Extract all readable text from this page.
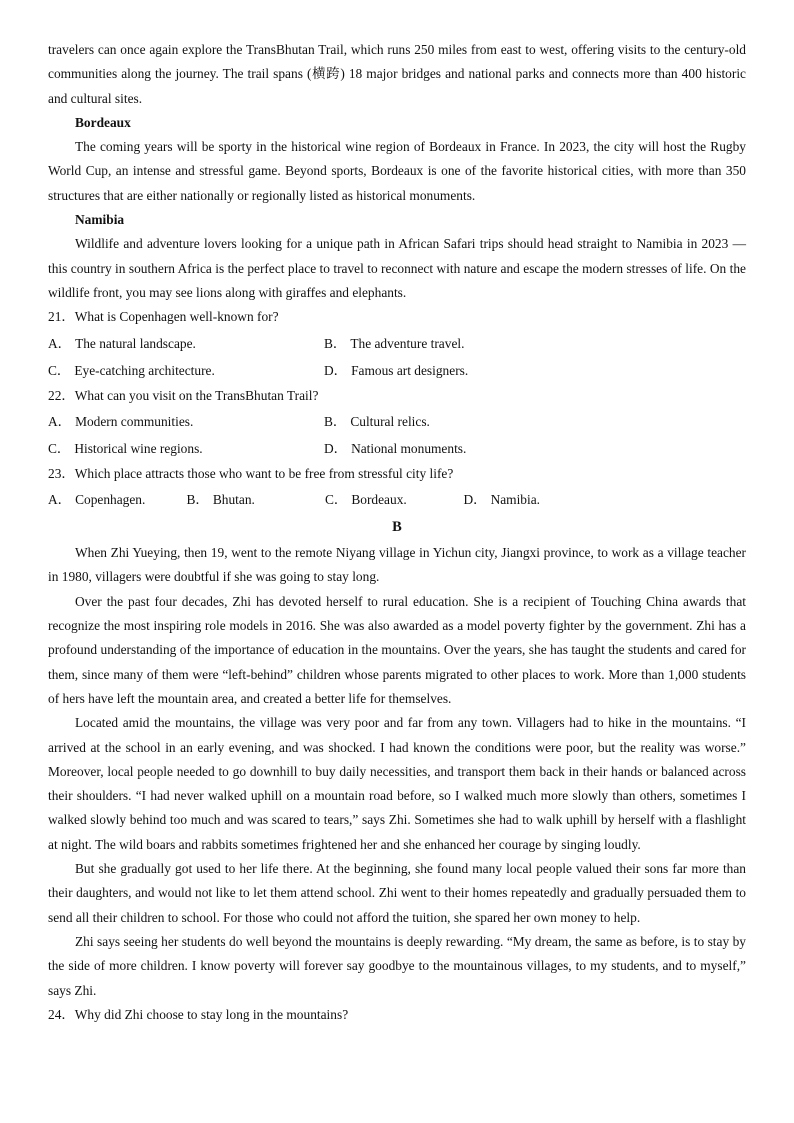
travelers can once again explore the TransBhutan Trail, which runs 250 miles from east to west, offering visits to the century-old communities along the journey. The trail spans (横跨) 18 major bridges and national parks and connects more than 400 historic and cultural sites.

Bordeaux

The coming years will be sporty in the historical wine region of Bordeaux in France. In 2023, the city will host the Rugby World Cup, an intense and stressful game. Beyond sports, Bordeaux is one of the favorite historical cities, with more than 350 structures that are either nationally or regionally listed as historical monuments.

Namibia

Wildlife and adventure lovers looking for a unique path in African Safari trips should head straight to Namibia in 2023 — this country in southern Africa is the perfect place to travel to reconnect with nature and escape the modern stresses of life. On the wildlife front, you may see lions along with giraffes and elephants.

21．What is Copenhagen well-known for?

A． The natural landscape.	B． The adventure travel.
C． Eye-catching architecture.	D． Famous art designers.

22．What can you visit on the TransBhutan Trail?

A． Modern communities.	B． Cultural relics.
C． Historical wine regions.	D． National monuments.

23．Which place attracts those who want to be free from stressful city life?

A． Copenhagen.	B． Bhutan.	C． Bordeaux.	D． Namibia.

B

When Zhi Yueying, then 19, went to the remote Niyang village in Yichun city, Jiangxi province, to work as a village teacher in 1980, villagers were doubtful if she was going to stay long.

Over the past four decades, Zhi has devoted herself to rural education. She is a recipient of Touching China awards that recognize the most inspiring role models in 2016. She was also awarded as a model poverty fighter by the government. Zhi has a profound understanding of the importance of education in the mountains. Over the years, she has taught the students and cared for them, since many of them were “left-behind” children whose parents migrated to other places to work. More than 1,000 students of hers have left the mountain area, and created a better life for themselves.

Located amid the mountains, the village was very poor and far from any town. Villagers had to hike in the mountains. “I arrived at the school in an early evening, and was shocked. I had known the conditions were poor, but the reality was worse.” Moreover, local people needed to go downhill to buy daily necessities, and transport them back in their hands or balanced across their shoulders. “I had never walked uphill on a mountain road before, so I walked much more slowly than others, sometimes I walked slowly behind too much and was scared to tears,” says Zhi. Sometimes she had to walk uphill by herself with a flashlight at night. The wild boars and rabbits sometimes frightened her and she enhanced her courage by singing loudly.

But she gradually got used to her life there. At the beginning, she found many local people valued their sons far more than their daughters, and would not like to let them attend school. Zhi went to their homes repeatedly and gradually persuaded them to send all their children to school. For those who could not afford the tuition, she spared her own money to help.

Zhi says seeing her students do well beyond the mountains is deeply rewarding. “My dream, the same as before, is to stay by the side of more children. I know poverty will forever say goodbye to the mountainous villages, to my students, and to myself,” says Zhi.

24．Why did Zhi choose to stay long in the mountains?
